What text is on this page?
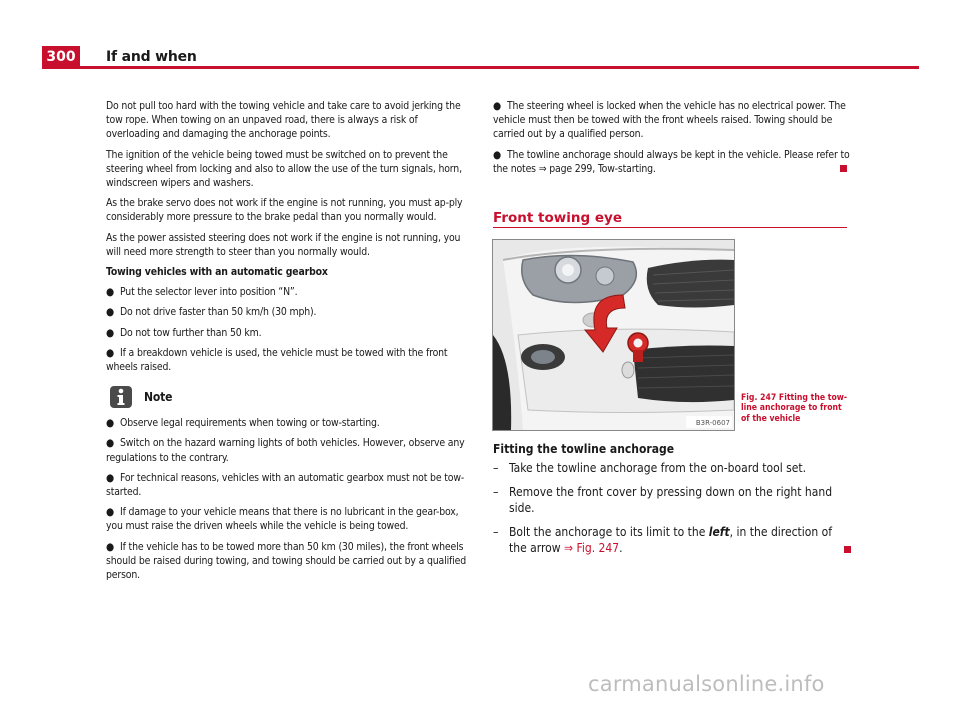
300	If and when

Do not pull too hard with the towing vehicle and take care to avoid jerking the tow rope. When towing on an unpaved road, there is always a risk of overloading and damaging the anchorage points.

The ignition of the vehicle being towed must be switched on to prevent the steering wheel from locking and also to allow the use of the turn signals, horn, windscreen wipers and washers.

As the brake servo does not work if the engine is not running, you must ap-ply considerably more pressure to the brake pedal than you normally would.

As the power assisted steering does not work if the engine is not running, you will need more strength to steer than you normally would.

Towing vehicles with an automatic gearbox
● Put the selector lever into position “N”.
● Do not drive faster than 50 km/h (30 mph).
● Do not tow further than 50 km.
● If a breakdown vehicle is used, the vehicle must be towed with the front wheels raised.
Note
● Observe legal requirements when towing or tow-starting.
● Switch on the hazard warning lights of both vehicles. However, observe any regulations to the contrary.
● For technical reasons, vehicles with an automatic gearbox must not be tow-started.
● If damage to your vehicle means that there is no lubricant in the gear-box, you must raise the driven wheels while the vehicle is being towed.
● If the vehicle has to be towed more than 50 km (30 miles), the front wheels should be raised during towing, and towing should be carried out by a qualified person.
● The steering wheel is locked when the vehicle has no electrical power. The vehicle must then be towed with the front wheels raised. Towing should be carried out by a qualified person.
● The towline anchorage should always be kept in the vehicle. Please refer to the notes ⇒ page 299, Tow-starting.
Front towing eye
B3R-0607
Fig. 247 Fitting the tow-line anchorage to front of the vehicle
Fitting the towline anchorage
– Take the towline anchorage from the on-board tool set.
– Remove the front cover by pressing down on the right hand side.
– Bolt the anchorage to its limit to the left, in the direction of the arrow ⇒ Fig. 247.
carmanualsonline.info
